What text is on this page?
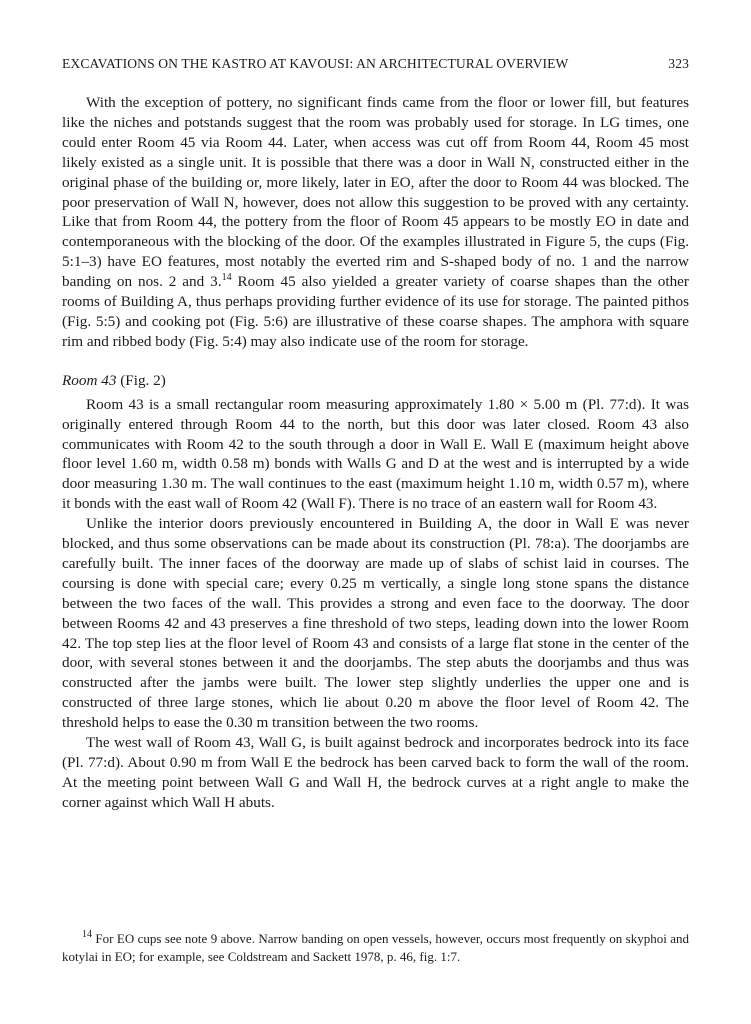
EXCAVATIONS ON THE KASTRO AT KAVOUSI: AN ARCHITECTURAL OVERVIEW	323

With the exception of pottery, no significant finds came from the floor or lower fill, but features like the niches and potstands suggest that the room was probably used for storage. In LG times, one could enter Room 45 via Room 44. Later, when access was cut off from Room 44, Room 45 most likely existed as a single unit. It is possible that there was a door in Wall N, constructed either in the original phase of the building or, more likely, later in EO, after the door to Room 44 was blocked. The poor preservation of Wall N, however, does not allow this suggestion to be proved with any certainty. Like that from Room 44, the pottery from the floor of Room 45 appears to be mostly EO in date and contemporaneous with the blocking of the door. Of the examples illustrated in Figure 5, the cups (Fig. 5:1–3) have EO features, most notably the everted rim and S-shaped body of no. 1 and the narrow banding on nos. 2 and 3.14 Room 45 also yielded a greater variety of coarse shapes than the other rooms of Building A, thus perhaps providing further evidence of its use for storage. The painted pithos (Fig. 5:5) and cooking pot (Fig. 5:6) are illustrative of these coarse shapes. The amphora with square rim and ribbed body (Fig. 5:4) may also indicate use of the room for storage.

Room 43 (Fig. 2)

Room 43 is a small rectangular room measuring approximately 1.80 × 5.00 m (Pl. 77:d). It was originally entered through Room 44 to the north, but this door was later closed. Room 43 also communicates with Room 42 to the south through a door in Wall E. Wall E (maximum height above floor level 1.60 m, width 0.58 m) bonds with Walls G and D at the west and is interrupted by a wide door measuring 1.30 m. The wall continues to the east (maximum height 1.10 m, width 0.57 m), where it bonds with the east wall of Room 42 (Wall F). There is no trace of an eastern wall for Room 43.

Unlike the interior doors previously encountered in Building A, the door in Wall E was never blocked, and thus some observations can be made about its construction (Pl. 78:a). The doorjambs are carefully built. The inner faces of the doorway are made up of slabs of schist laid in courses. The coursing is done with special care; every 0.25 m vertically, a single long stone spans the distance between the two faces of the wall. This provides a strong and even face to the doorway. The door between Rooms 42 and 43 preserves a fine threshold of two steps, leading down into the lower Room 42. The top step lies at the floor level of Room 43 and consists of a large flat stone in the center of the door, with several stones between it and the doorjambs. The step abuts the doorjambs and thus was constructed after the jambs were built. The lower step slightly underlies the upper one and is constructed of three large stones, which lie about 0.20 m above the floor level of Room 42. The threshold helps to ease the 0.30 m transition between the two rooms.

The west wall of Room 43, Wall G, is built against bedrock and incorporates bedrock into its face (Pl. 77:d). About 0.90 m from Wall E the bedrock has been carved back to form the wall of the room. At the meeting point between Wall G and Wall H, the bedrock curves at a right angle to make the corner against which Wall H abuts.

$^{14}$ For EO cups see note 9 above. Narrow banding on open vessels, however, occurs most frequently on skyphoi and kotylai in EO; for example, see Coldstream and Sackett 1978, p. 46, fig. 1:7.
